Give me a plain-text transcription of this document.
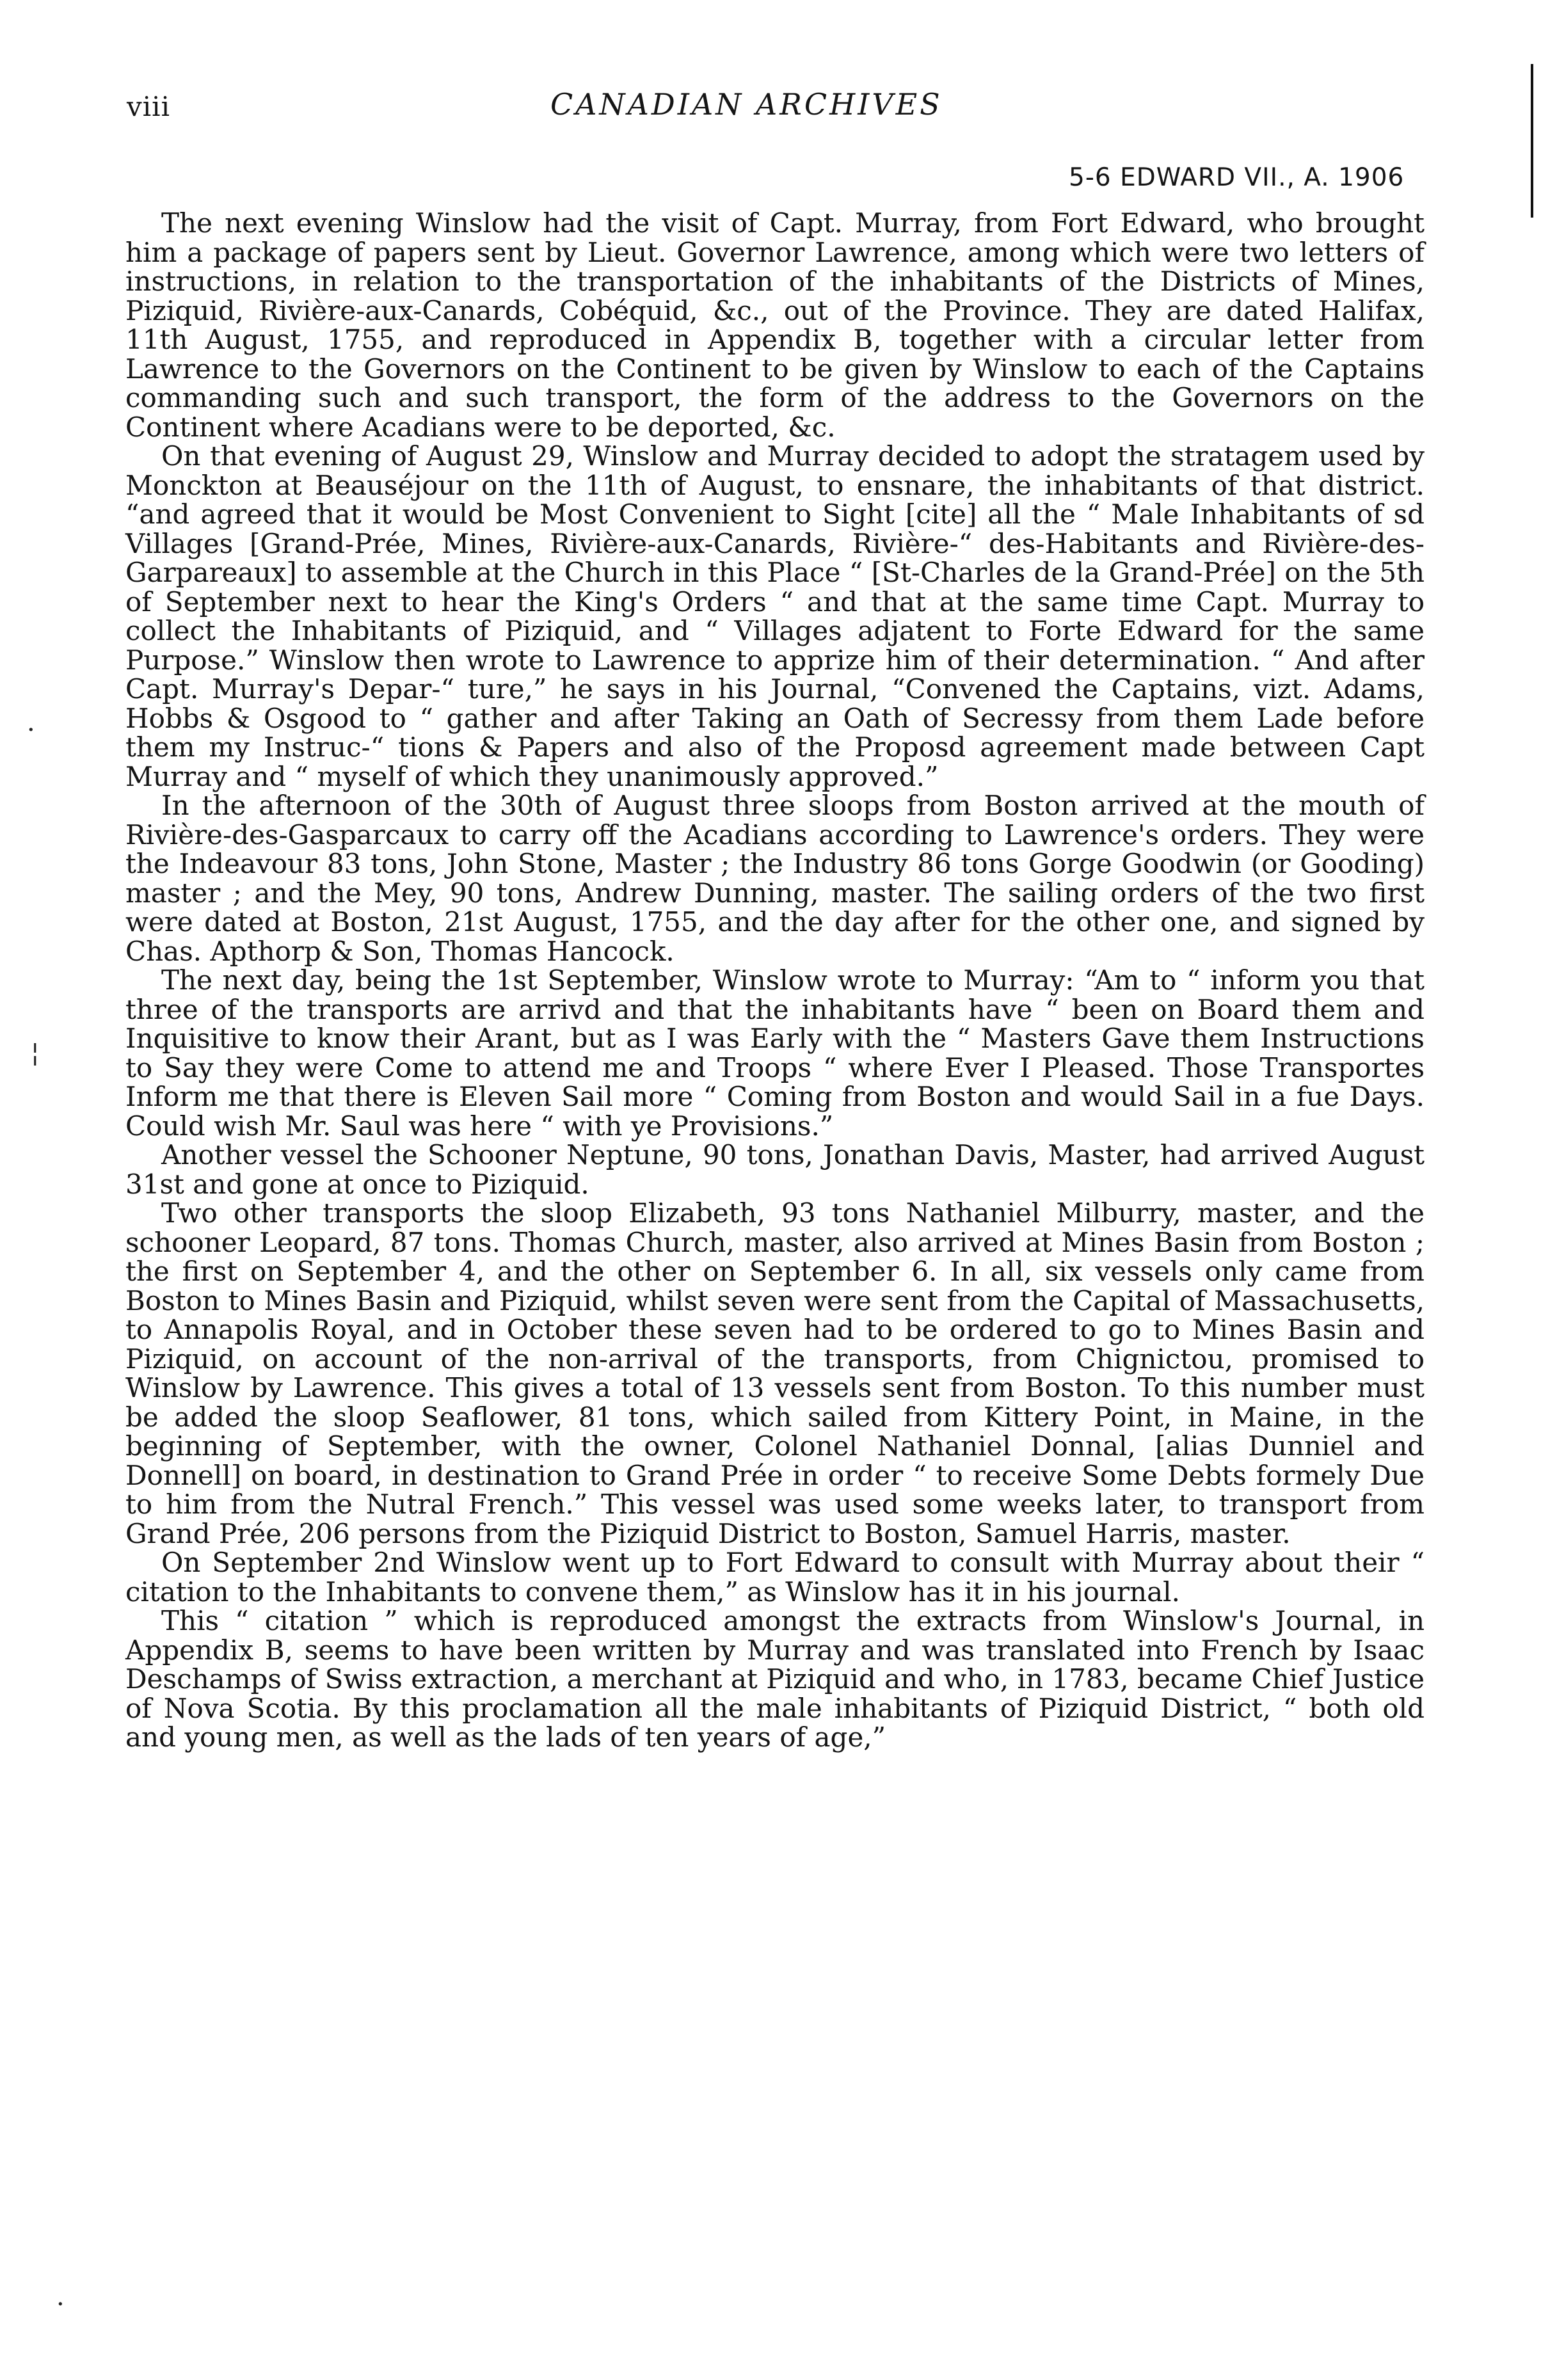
viii	CANADIAN ARCHIVES
5-6 EDWARD VII., A. 1906
·
¦
·

The next evening Winslow had the visit of Capt. Murray, from Fort Edward, who brought him a package of papers sent by Lieut. Governor Lawrence, among which were two letters of instructions, in relation to the transportation of the inhabitants of the Districts of Mines, Piziquid, Rivière-aux-Canards, Cobéquid, &c., out of the Province. They are dated Halifax, 11th August, 1755, and reproduced in Appendix B, together with a circular letter from Lawrence to the Governors on the Continent to be given by Winslow to each of the Captains commanding such and such transport, the form of the address to the Governors on the Continent where Acadians were to be deported, &c.

On that evening of August 29, Winslow and Murray decided to adopt the stratagem used by Monckton at Beauséjour on the 11th of August, to ensnare, the inhabitants of that district. “and agreed that it would be Most Convenient to Sight [cite] all the “ Male Inhabitants of sd Villages [Grand-Prée, Mines, Rivière-aux-Canards, Rivière-“ des-Habitants and Rivière-des-Garpareaux] to assemble at the Church in this Place “ [St-Charles de la Grand-Prée] on the 5th of September next to hear the King's Orders “ and that at the same time Capt. Murray to collect the Inhabitants of Piziquid, and “ Villages adjatent to Forte Edward for the same Purpose.” Winslow then wrote to Lawrence to apprize him of their determination. “ And after Capt. Murray's Depar-“ ture,” he says in his Journal, “Convened the Captains, vizt. Adams, Hobbs & Osgood to “ gather and after Taking an Oath of Secressy from them Lade before them my Instruc-“ tions & Papers and also of the Proposd agreement made between Capt Murray and “ myself of which they unanimously approved.”

In the afternoon of the 30th of August three sloops from Boston arrived at the mouth of Rivière-des-Gasparcaux to carry off the Acadians according to Lawrence's orders. They were the Indeavour 83 tons, John Stone, Master ; the Industry 86 tons Gorge Goodwin (or Gooding) master ; and the Mey, 90 tons, Andrew Dunning, master. The sailing orders of the two first were dated at Boston, 21st August, 1755, and the day after for the other one, and signed by Chas. Apthorp & Son, Thomas Hancock.

The next day, being the 1st September, Winslow wrote to Murray: “Am to “ inform you that three of the transports are arrivd and that the inhabitants have “ been on Board them and Inquisitive to know their Arant, but as I was Early with the “ Masters Gave them Instructions to Say they were Come to attend me and Troops “ where Ever I Pleased. Those Transportes Inform me that there is Eleven Sail more “ Coming from Boston and would Sail in a fue Days. Could wish Mr. Saul was here “ with ye Provisions.”

Another vessel the Schooner Neptune, 90 tons, Jonathan Davis, Master, had arrived August 31st and gone at once to Piziquid.

Two other transports the sloop Elizabeth, 93 tons Nathaniel Milburry, master, and the schooner Leopard, 87 tons. Thomas Church, master, also arrived at Mines Basin from Boston ; the first on September 4, and the other on September 6. In all, six vessels only came from Boston to Mines Basin and Piziquid, whilst seven were sent from the Capital of Massachusetts, to Annapolis Royal, and in October these seven had to be ordered to go to Mines Basin and Piziquid, on account of the non-arrival of the transports, from Chignictou, promised to Winslow by Lawrence. This gives a total of 13 vessels sent from Boston. To this number must be added the sloop Seaflower, 81 tons, which sailed from Kittery Point, in Maine, in the beginning of September, with the owner, Colonel Nathaniel Donnal, [alias Dunniel and Donnell] on board, in destination to Grand Prée in order “ to receive Some Debts formely Due to him from the Nutral French.” This vessel was used some weeks later, to transport from Grand Prée, 206 persons from the Piziquid District to Boston, Samuel Harris, master.

On September 2nd Winslow went up to Fort Edward to consult with Murray about their “ citation to the Inhabitants to convene them,” as Winslow has it in his journal.

This “ citation ” which is reproduced amongst the extracts from Winslow's Journal, in Appendix B, seems to have been written by Murray and was translated into French by Isaac Deschamps of Swiss extraction, a merchant at Piziquid and who, in 1783, became Chief Justice of Nova Scotia. By this proclamation all the male inhabitants of Piziquid District, “ both old and young men, as well as the lads of ten years of age,”
